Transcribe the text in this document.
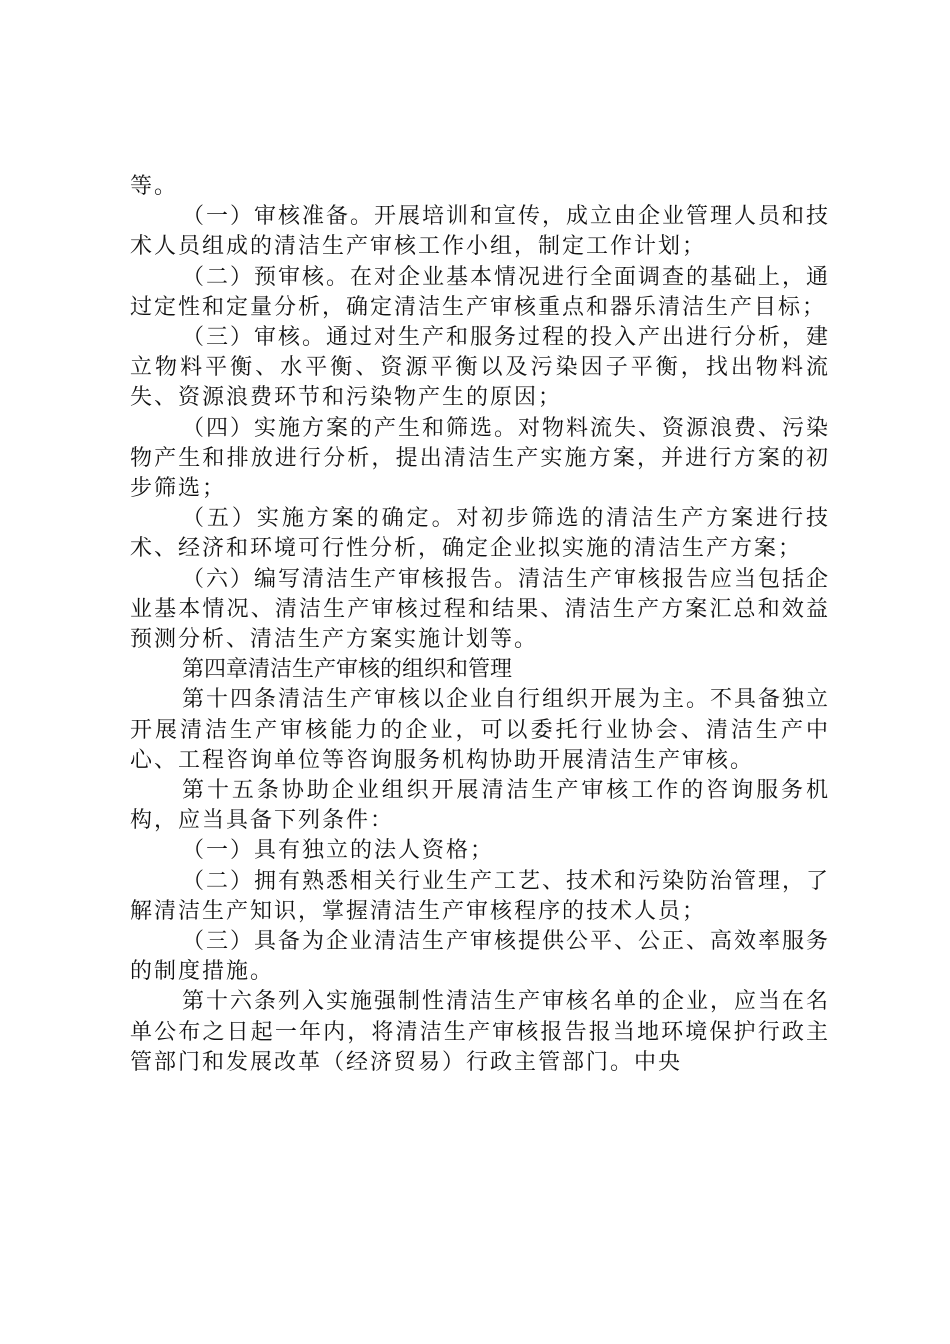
等。

（一）审核准备。开展培训和宣传，成立由企业管理人员和技术人员组成的清洁生产审核工作小组，制定工作计划；

（二）预审核。在对企业基本情况进行全面调查的基础上，通过定性和定量分析，确定清洁生产审核重点和器乐清洁生产目标；

（三）审核。通过对生产和服务过程的投入产出进行分析，建立物料平衡、水平衡、资源平衡以及污染因子平衡，找出物料流失、资源浪费环节和污染物产生的原因；

（四）实施方案的产生和筛选。对物料流失、资源浪费、污染物产生和排放进行分析，提出清洁生产实施方案，并进行方案的初步筛选；

（五）实施方案的确定。对初步筛选的清洁生产方案进行技术、经济和环境可行性分析，确定企业拟实施的清洁生产方案；

（六）编写清洁生产审核报告。清洁生产审核报告应当包括企业基本情况、清洁生产审核过程和结果、清洁生产方案汇总和效益预测分析、清洁生产方案实施计划等。

第四章清洁生产审核的组织和管理

第十四条清洁生产审核以企业自行组织开展为主。不具备独立开展清洁生产审核能力的企业，可以委托行业协会、清洁生产中心、工程咨询单位等咨询服务机构协助开展清洁生产审核。

第十五条协助企业组织开展清洁生产审核工作的咨询服务机构，应当具备下列条件：

（一）具有独立的法人资格；

（二）拥有熟悉相关行业生产工艺、技术和污染防治管理，了解清洁生产知识，掌握清洁生产审核程序的技术人员；

（三）具备为企业清洁生产审核提供公平、公正、高效率服务的制度措施。

第十六条列入实施强制性清洁生产审核名单的企业，应当在名单公布之日起一年内，将清洁生产审核报告报当地环境保护行政主管部门和发展改革（经济贸易）行政主管部门。中央
